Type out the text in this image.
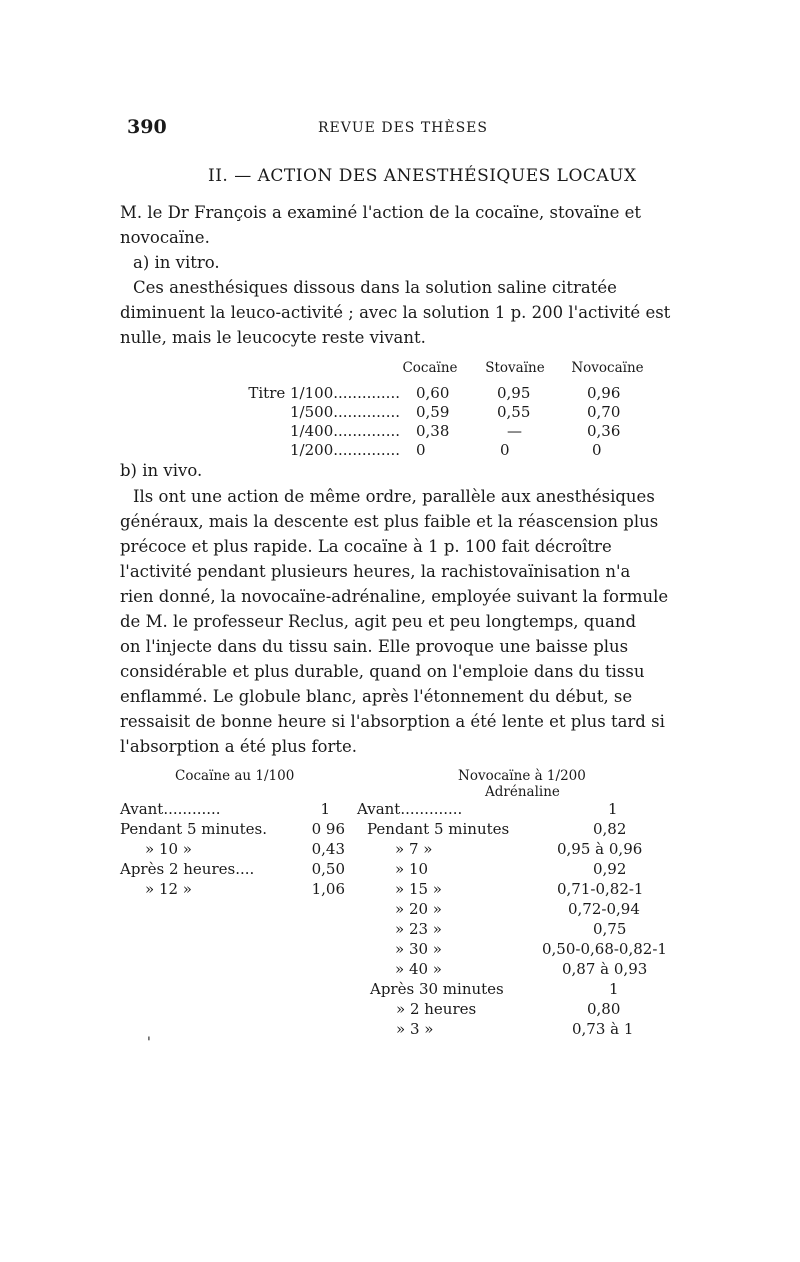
390	REVUE DES THÈSES
II. — ACTION DES ANESTHÉSIQUES LOCAUX
M. le Dr François a examiné l'action de la cocaïne, stovaïne et
novocaïne.
a) in vitro.
Ces anesthésiques dissous dans la solution saline citratée
diminuent la leuco-activité ; avec la solution 1 p. 200 l'activité est
nulle, mais le leucocyte reste vivant.
Cocaïne	Stovaïne	Novocaïne
Titre 1/100.............. 0,60	0,95	0,96
1/500.............. 0,59	0,55	0,70
1/400.............. 0,38	—	0,36
1/200.............. 0	0	0
b) in vivo.
Ils ont une action de même ordre, parallèle aux anesthésiques
généraux, mais la descente est plus faible et la réascension plus
précoce et plus rapide. La cocaïne à 1 p. 100 fait décroître
l'activité pendant plusieurs heures, la rachistovaïnisation n'a
rien donné, la novocaïne-adrénaline, employée suivant la formule
de M. le professeur Reclus, agit peu et peu longtemps, quand
on l'injecte dans du tissu sain. Elle provoque une baisse plus
considérable et plus durable, quand on l'emploie dans du tissu
enflammé. Le globule blanc, après l'étonnement du début, se
ressaisit de bonne heure si l'absorption a été lente et plus tard si
l'absorption a été plus forte.
Cocaïne au 1/100
Avant............	1
Pendant 5 minutes.	0 96
» 10 »	0,43
Après 2 heures....	0,50
» 12 »	1,06
Novocaïne à 1/200
Adrénaline
Avant.............	1
Pendant 5 minutes	0,82
» 7 »	0,95 à 0,96
» 10	0,92
» 15 »	0,71-0,82-1
» 20 »	0,72-0,94
» 23 »	0,75
» 30 »	0,50-0,68-0,82-1
» 40 »	0,87 à 0,93
Après 30 minutes	1
» 2 heures	0,80
» 3 »	0,73 à 1
'
